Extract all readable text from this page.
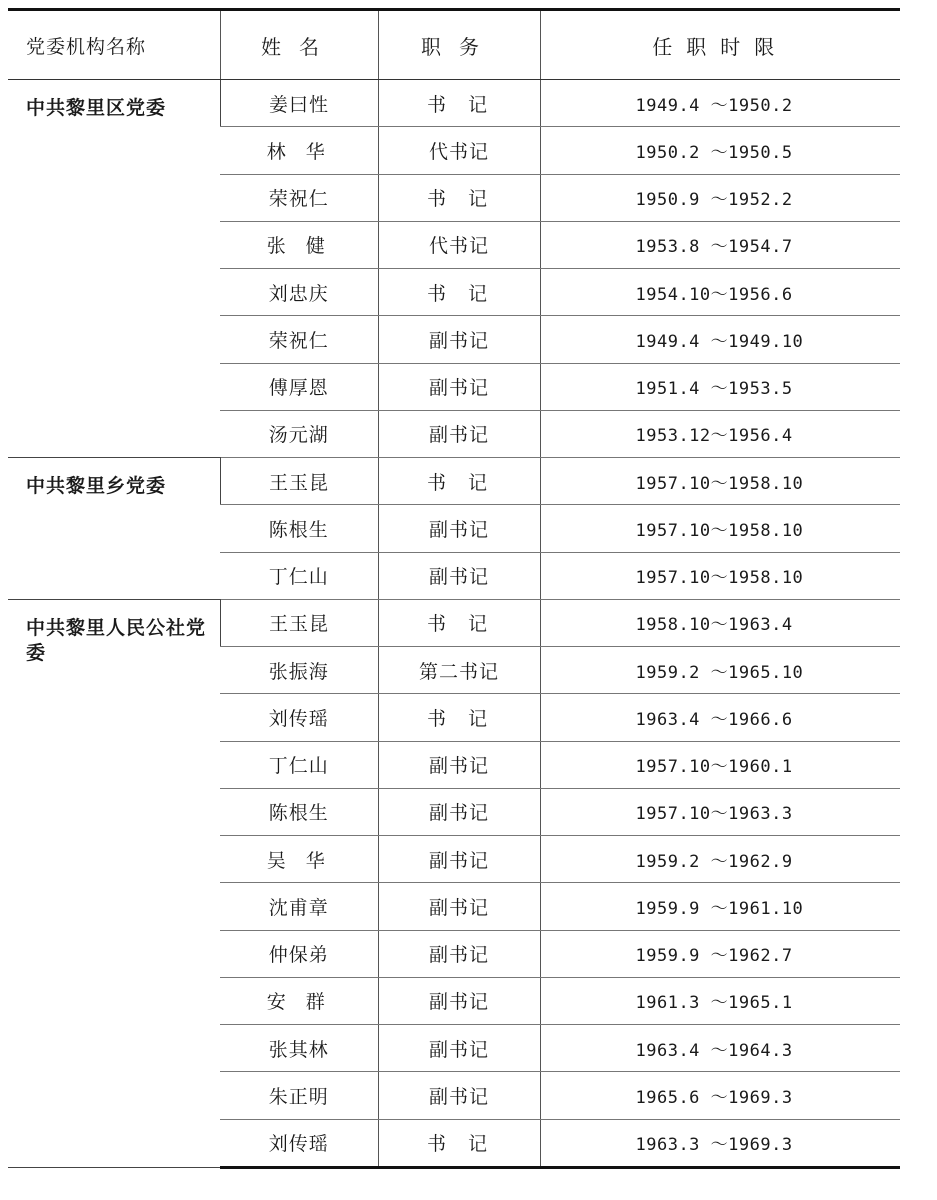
党委机构名称	姓名	职务	任职时限
中共黎里区党委	姜曰性	书记	1949.4 ～1950.2
	林华	代书记	1950.2 ～1950.5
	荣祝仁	书记	1950.9 ～1952.2
	张健	代书记	1953.8 ～1954.7
	刘忠庆	书记	1954.10～1956.6
	荣祝仁	副书记	1949.4 ～1949.10
	傅厚恩	副书记	1951.4 ～1953.5
	汤元湖	副书记	1953.12～1956.4
中共黎里乡党委	王玉昆	书记	1957.10～1958.10
	陈根生	副书记	1957.10～1958.10
	丁仁山	副书记	1957.10～1958.10
中共黎里人民公社党委	王玉昆	书记	1958.10～1963.4
	张振海	第二书记	1959.2 ～1965.10
	刘传瑶	书记	1963.4 ～1966.6
	丁仁山	副书记	1957.10～1960.1
	陈根生	副书记	1957.10～1963.3
	吴华	副书记	1959.2 ～1962.9
	沈甫章	副书记	1959.9 ～1961.10
	仲保弟	副书记	1959.9 ～1962.7
	安群	副书记	1961.3 ～1965.1
	张其林	副书记	1963.4 ～1964.3
	朱正明	副书记	1965.6 ～1969.3
	刘传瑶	书记	1963.3 ～1969.3
